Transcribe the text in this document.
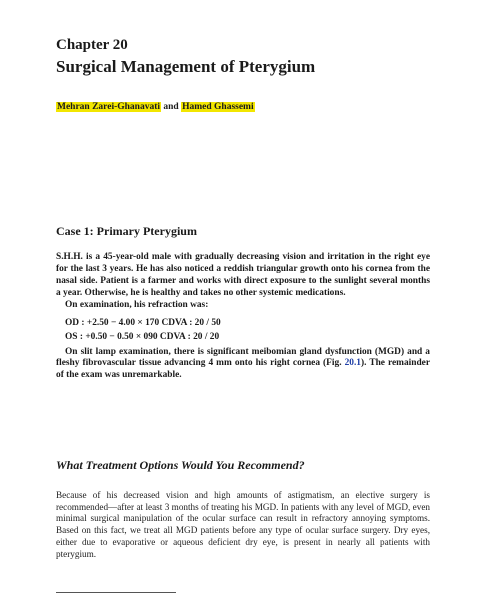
Chapter 20
Surgical Management of Pterygium
Mehran Zarei-Ghanavati and Hamed Ghassemi
Case 1: Primary Pterygium

S.H.H. is a 45-year-old male with gradually decreasing vision and irritation in the right eye for the last 3 years. He has also noticed a reddish triangular growth onto his cornea from the nasal side. Patient is a farmer and works with direct exposure to the sunlight several months a year. Otherwise, he is healthy and takes no other systemic medications.

On examination, his refraction was:

OD : +2.50 − 4.00 × 170 CDVA : 20 / 50
OS : +0.50 − 0.50 × 090 CDVA : 20 / 20

On slit lamp examination, there is significant meibomian gland dysfunction (MGD) and a fleshy fibrovascular tissue advancing 4 mm onto his right cornea (Fig. 20.1). The remainder of the exam was unremarkable.

What Treatment Options Would You Recommend?

Because of his decreased vision and high amounts of astigmatism, an elective surgery is recommended—after at least 3 months of treating his MGD. In patients with any level of MGD, even minimal surgical manipulation of the ocular surface can result in refractory annoying symptoms. Based on this fact, we treat all MGD patients before any type of ocular surface surgery. Dry eyes, either due to evaporative or aqueous deficient dry eye, is present in nearly all patients with pterygium.
